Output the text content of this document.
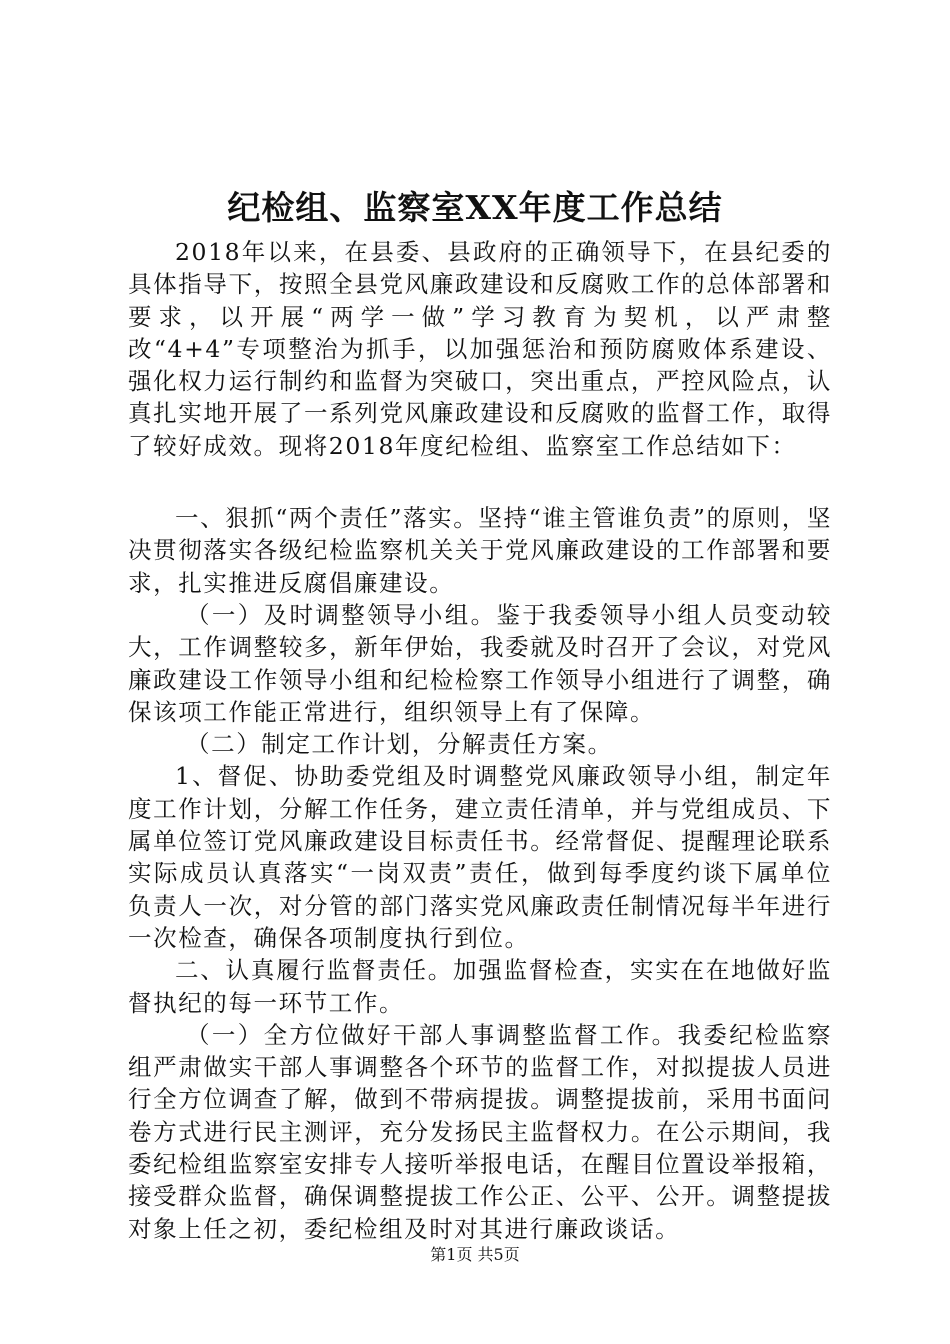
纪检组、监察室XX年度工作总结

2018年以来，在县委、县政府的正确领导下，在县纪委的具体指导下，按照全县党风廉政建设和反腐败工作的总体部署和要求，以开展“两学一做”学习教育为契机，以严肃整改“4+4”专项整治为抓手，以加强惩治和预防腐败体系建设、强化权力运行制约和监督为突破口，突出重点，严控风险点，认真扎实地开展了一系列党风廉政建设和反腐败的监督工作，取得了较好成效。现将2018年度纪检组、监察室工作总结如下：

一、狠抓“两个责任”落实。坚持“谁主管谁负责”的原则，坚决贯彻落实各级纪检监察机关关于党风廉政建设的工作部署和要求，扎实推进反腐倡廉建设。

（一）及时调整领导小组。鉴于我委领导小组人员变动较大，工作调整较多，新年伊始，我委就及时召开了会议，对党风廉政建设工作领导小组和纪检检察工作领导小组进行了调整，确保该项工作能正常进行，组织领导上有了保障。

（二）制定工作计划，分解责任方案。

1、督促、协助委党组及时调整党风廉政领导小组，制定年度工作计划，分解工作任务，建立责任清单，并与党组成员、下属单位签订党风廉政建设目标责任书。经常督促、提醒理论联系实际成员认真落实“一岗双责”责任，做到每季度约谈下属单位负责人一次，对分管的部门落实党风廉政责任制情况每半年进行一次检查，确保各项制度执行到位。

二、认真履行监督责任。加强监督检查，实实在在地做好监督执纪的每一环节工作。

（一）全方位做好干部人事调整监督工作。我委纪检监察组严肃做实干部人事调整各个环节的监督工作，对拟提拔人员进行全方位调查了解，做到不带病提拔。调整提拔前，采用书面问卷方式进行民主测评，充分发扬民主监督权力。在公示期间，我委纪检组监察室安排专人接听举报电话，在醒目位置设举报箱，接受群众监督，确保调整提拔工作公正、公平、公开。调整提拔对象上任之初，委纪检组及时对其进行廉政谈话。

第1页 共5页
